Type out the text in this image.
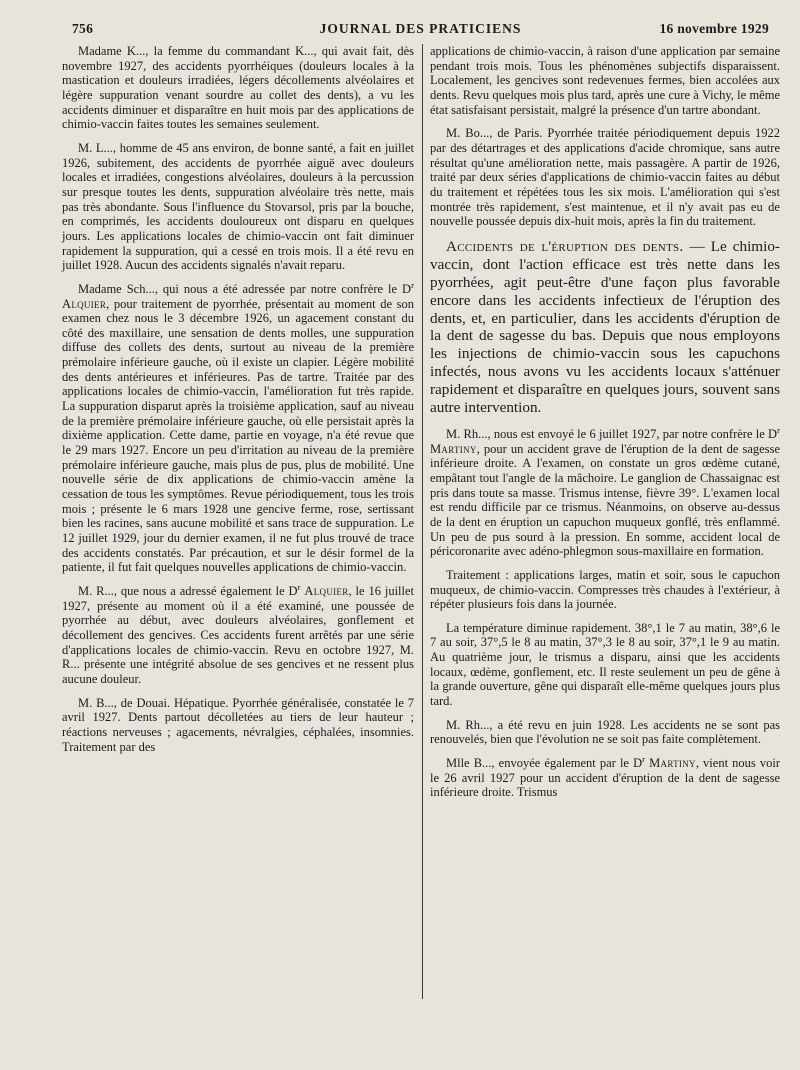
756	JOURNAL DES PRATICIENS	16 novembre 1929

Madame K..., la femme du commandant K..., qui avait fait, dès novembre 1927, des accidents pyorrhéiques (douleurs locales à la mastication et douleurs irradiées, légers décollements alvéolaires et légère suppuration venant sourdre au collet des dents), a vu les accidents diminuer et disparaître en huit mois par des applications de chimio-vaccin faites toutes les semaines seulement.

M. L..., homme de 45 ans environ, de bonne santé, a fait en juillet 1926, subitement, des accidents de pyorrhée aiguë avec douleurs locales et irradiées, congestions alvéolaires, douleurs à la percussion sur presque toutes les dents, suppuration alvéolaire très nette, mais pas très abondante. Sous l'influence du Stovarsol, pris par la bouche, en comprimés, les accidents douloureux ont disparu en quelques jours. Les applications locales de chimio-vaccin ont fait diminuer rapidement la suppuration, qui a cessé en trois mois. Il a été revu en juillet 1928. Aucun des accidents signalés n'avait reparu.

Madame Sch..., qui nous a été adressée par notre confrère le $D^r$ Alquier, pour traitement de pyorrhée, présentait au moment de son examen chez nous le 3 décembre 1926, un agacement constant du côté des maxillaire, une sensation de dents molles, une suppuration diffuse des collets des dents, surtout au niveau de la première prémolaire inférieure gauche, où il existe un clapier. Légère mobilité des dents antérieures et inférieures. Pas de tartre. Traitée par des applications locales de chimio-vaccin, l'amélioration fut très rapide. La suppuration disparut après la troisième application, sauf au niveau de la première prémolaire inférieure gauche, où elle persistait après la dixième application. Cette dame, partie en voyage, n'a été revue que le 29 mars 1927. Encore un peu d'irritation au niveau de la première prémolaire inférieure gauche, mais plus de pus, plus de mobilité. Une nouvelle série de dix applications de chimio-vaccin amène la cessation de tous les symptômes. Revue périodiquement, tous les trois mois ; présente le 6 mars 1928 une gencive ferme, rose, sertissant bien les racines, sans aucune mobilité et sans trace de suppuration. Le 12 juillet 1929, jour du dernier examen, il ne fut plus trouvé de trace des accidents constatés. Par précaution, et sur le désir formel de la patiente, il fut fait quelques nouvelles applications de chimio-vaccin.

M. R..., que nous a adressé également le $D^r$ Alquier, le 16 juillet 1927, présente au moment où il a été examiné, une poussée de pyorrhée au début, avec douleurs alvéolaires, gonflement et décollement des gencives. Ces accidents furent arrêtés par une série d'applications locales de chimio-vaccin. Revu en octobre 1927, M. R... présente une intégrité absolue de ses gencives et ne ressent plus aucune douleur.

M. B..., de Douai. Hépatique. Pyorrhée généralisée, constatée le 7 avril 1927. Dents partout décolletées au tiers de leur hauteur ; réactions nerveuses ; agacements, névralgies, céphalées, insomnies. Traitement par des

applications de chimio-vaccin, à raison d'une application par semaine pendant trois mois. Tous les phénomènes subjectifs disparaissent. Localement, les gencives sont redevenues fermes, bien accolées aux dents. Revu quelques mois plus tard, après une cure à Vichy, le même état satisfaisant persistait, malgré la présence d'un tartre abondant.

M. Bo..., de Paris. Pyorrhée traitée périodiquement depuis 1922 par des détartrages et des applications d'acide chromique, sans autre résultat qu'une amélioration nette, mais passagère. A partir de 1926, traité par deux séries d'applications de chimio-vaccin faites au début du traitement et répétées tous les six mois. L'amélioration qui s'est montrée très rapidement, s'est maintenue, et il n'y avait pas eu de nouvelle poussée depuis dix-huit mois, après la fin du traitement.

Accidents de l'éruption des dents. — Le chimio-vaccin, dont l'action efficace est très nette dans les pyorrhées, agit peut-être d'une façon plus favorable encore dans les accidents infectieux de l'éruption des dents, et, en particulier, dans les accidents d'éruption de la dent de sagesse du bas. Depuis que nous employons les injections de chimio-vaccin sous les capuchons infectés, nous avons vu les accidents locaux s'atténuer rapidement et disparaître en quelques jours, souvent sans autre intervention.

M. Rh..., nous est envoyé le 6 juillet 1927, par notre confrère le $D^r$ Martiny, pour un accident grave de l'éruption de la dent de sagesse inférieure droite. A l'examen, on constate un gros œdème cutané, empâtant tout l'angle de la mâchoire. Le ganglion de Chassaignac est pris dans toute sa masse. Trismus intense, fièvre 39°. L'examen local est rendu difficile par ce trismus. Néanmoins, on observe au-dessus de la dent en éruption un capuchon muqueux gonflé, très enflammé. Un peu de pus sourd à la pression. En somme, accident local de péricoronarite avec adéno-phlegmon sous-maxillaire en formation.

Traitement : applications larges, matin et soir, sous le capuchon muqueux, de chimio-vaccin. Compresses très chaudes à l'extérieur, à répéter plusieurs fois dans la journée.

La température diminue rapidement. 38°,1 le 7 au matin, 38°,6 le 7 au soir, 37°,5 le 8 au matin, 37°,3 le 8 au soir, 37°,1 le 9 au matin. Au quatrième jour, le trismus a disparu, ainsi que les accidents locaux, œdème, gonflement, etc. Il reste seulement un peu de gêne à la grande ouverture, gêne qui disparaît elle-même quelques jours plus tard.

M. Rh..., a été revu en juin 1928. Les accidents ne se sont pas renouvelés, bien que l'évolution ne se soit pas faite complètement.

Mlle B..., envoyée également par le $D^r$ Martiny, vient nous voir le 26 avril 1927 pour un accident d'éruption de la dent de sagesse inférieure droite. Trismus
